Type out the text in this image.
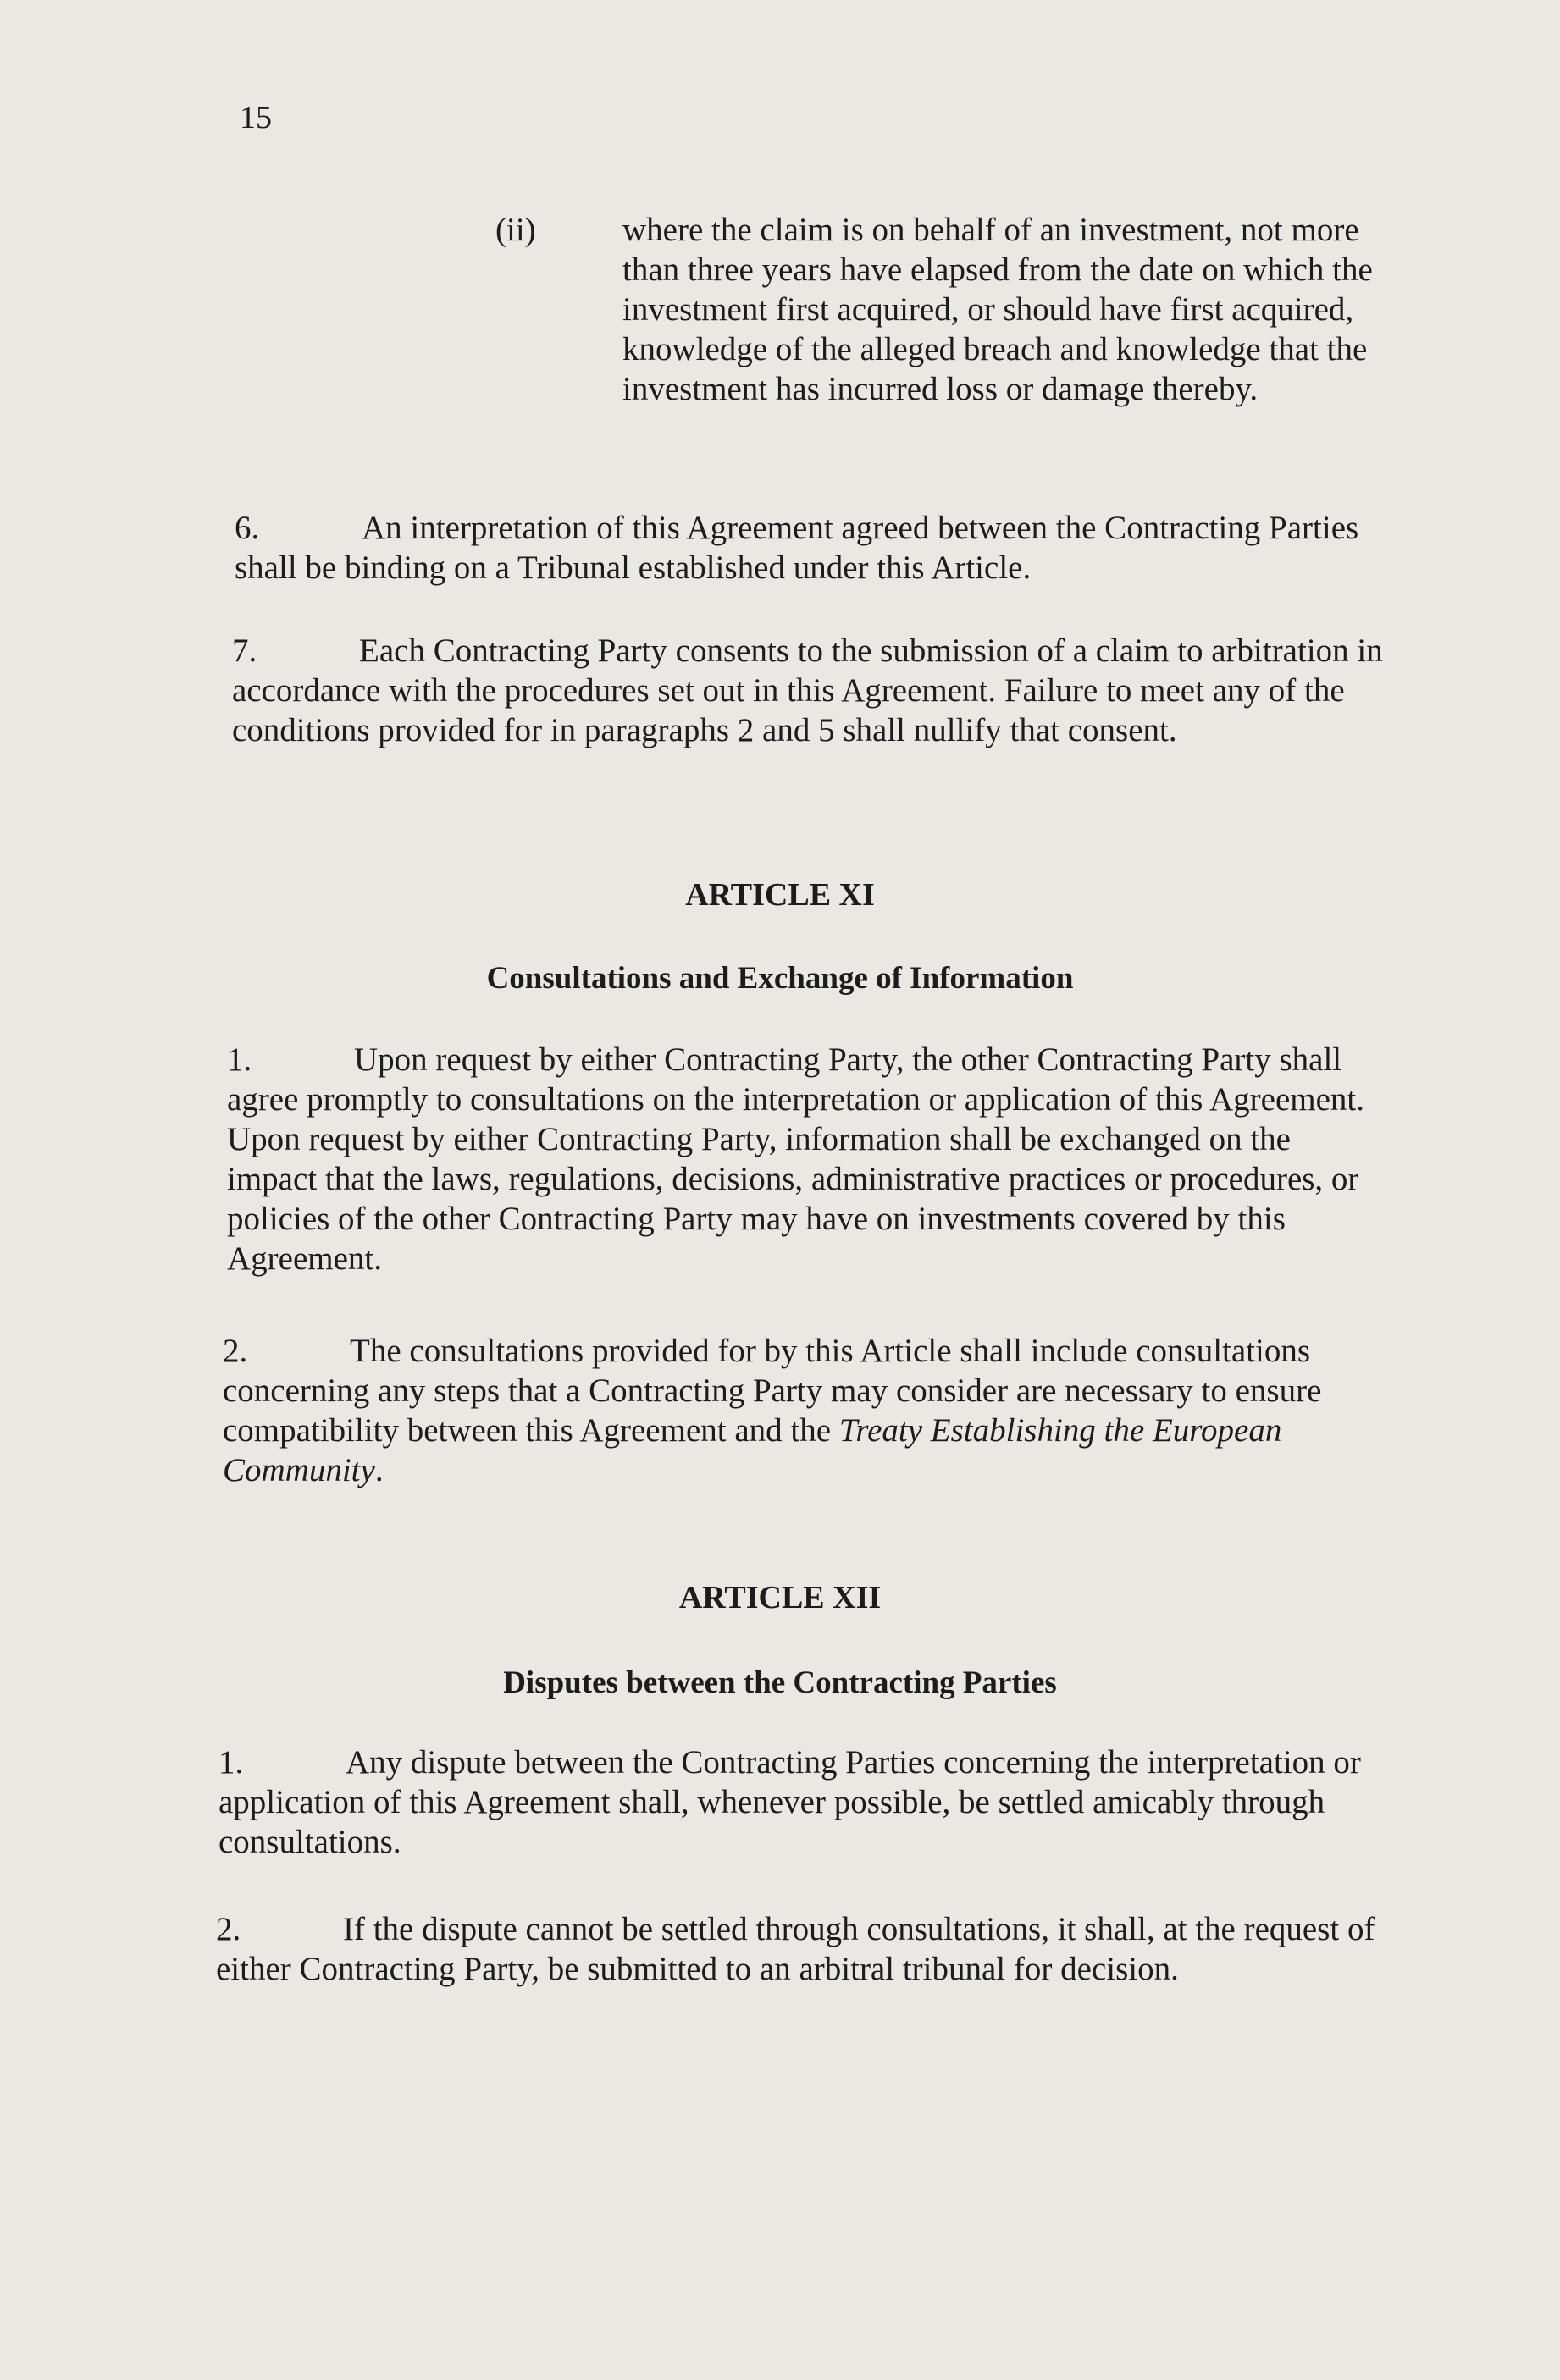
15
(ii)	where the claim is on behalf of an investment, not more than three years have elapsed from the date on which the investment first acquired, or should have first acquired, knowledge of the alleged breach and knowledge that the investment has incurred loss or damage thereby.
6.	An interpretation of this Agreement agreed between the Contracting Parties shall be binding on a Tribunal established under this Article.
7.	Each Contracting Party consents to the submission of a claim to arbitration in accordance with the procedures set out in this Agreement. Failure to meet any of the conditions provided for in paragraphs 2 and 5 shall nullify that consent.
ARTICLE XI
Consultations and Exchange of Information
1.	Upon request by either Contracting Party, the other Contracting Party shall agree promptly to consultations on the interpretation or application of this Agreement. Upon request by either Contracting Party, information shall be exchanged on the impact that the laws, regulations, decisions, administrative practices or procedures, or policies of the other Contracting Party may have on investments covered by this Agreement.
2.	The consultations provided for by this Article shall include consultations concerning any steps that a Contracting Party may consider are necessary to ensure compatibility between this Agreement and the Treaty Establishing the European Community.
ARTICLE XII
Disputes between the Contracting Parties
1.	Any dispute between the Contracting Parties concerning the interpretation or application of this Agreement shall, whenever possible, be settled amicably through consultations.
2.	If the dispute cannot be settled through consultations, it shall, at the request of either Contracting Party, be submitted to an arbitral tribunal for decision.
